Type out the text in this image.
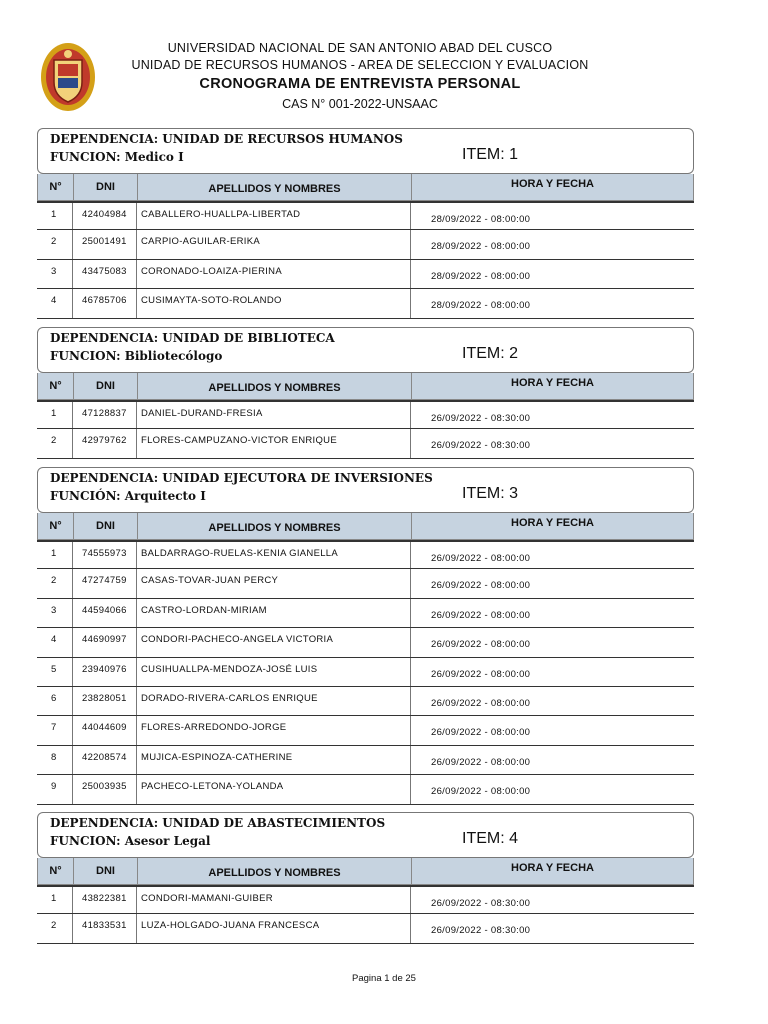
UNIVERSIDAD NACIONAL DE SAN ANTONIO ABAD DEL CUSCO
UNIDAD DE RECURSOS HUMANOS - AREA DE SELECCION Y EVALUACION
CRONOGRAMA DE ENTREVISTA PERSONAL
CAS N° 001-2022-UNSAAC
DEPENDENCIA: UNIDAD DE RECURSOS HUMANOS
FUNCION: Medico I	ITEM: 1
N°	DNI	APELLIDOS Y NOMBRES	HORA Y FECHA
1	42404984	CABALLERO-HUALLPA-LIBERTAD	28/09/2022 - 08:00:00
2	25001491	CARPIO-AGUILAR-ERIKA	28/09/2022 - 08:00:00
3	43475083	CORONADO-LOAIZA-PIERINA	28/09/2022 - 08:00:00
4	46785706	CUSIMAYTA-SOTO-ROLANDO	28/09/2022 - 08:00:00
DEPENDENCIA: UNIDAD DE BIBLIOTECA
FUNCION: Bibliotecólogo	ITEM: 2
N°	DNI	APELLIDOS Y NOMBRES	HORA Y FECHA
1	47128837	DANIEL-DURAND-FRESIA	26/09/2022 - 08:30:00
2	42979762	FLORES-CAMPUZANO-VICTOR ENRIQUE	26/09/2022 - 08:30:00
DEPENDENCIA: UNIDAD EJECUTORA DE INVERSIONES
FUNCIÓN: Arquitecto I	ITEM: 3
N°	DNI	APELLIDOS Y NOMBRES	HORA Y FECHA
1	74555973	BALDARRAGO-RUELAS-KENIA GIANELLA	26/09/2022 - 08:00:00
2	47274759	CASAS-TOVAR-JUAN PERCY	26/09/2022 - 08:00:00
3	44594066	CASTRO-LORDAN-MIRIAM	26/09/2022 - 08:00:00
4	44690997	CONDORI-PACHECO-ANGELA VICTORIA	26/09/2022 - 08:00:00
5	23940976	CUSIHUALLPA-MENDOZA-JOSÉ LUIS	26/09/2022 - 08:00:00
6	23828051	DORADO-RIVERA-CARLOS ENRIQUE	26/09/2022 - 08:00:00
7	44044609	FLORES-ARREDONDO-JORGE	26/09/2022 - 08:00:00
8	42208574	MUJICA-ESPINOZA-CATHERINE	26/09/2022 - 08:00:00
9	25003935	PACHECO-LETONA-YOLANDA	26/09/2022 - 08:00:00
DEPENDENCIA: UNIDAD DE ABASTECIMIENTOS
FUNCION: Asesor Legal	ITEM: 4
N°	DNI	APELLIDOS Y NOMBRES	HORA Y FECHA
1	43822381	CONDORI-MAMANI-GUIBER	26/09/2022 - 08:30:00
2	41833531	LUZA-HOLGADO-JUANA FRANCESCA	26/09/2022 - 08:30:00
Pagina 1 de 25
